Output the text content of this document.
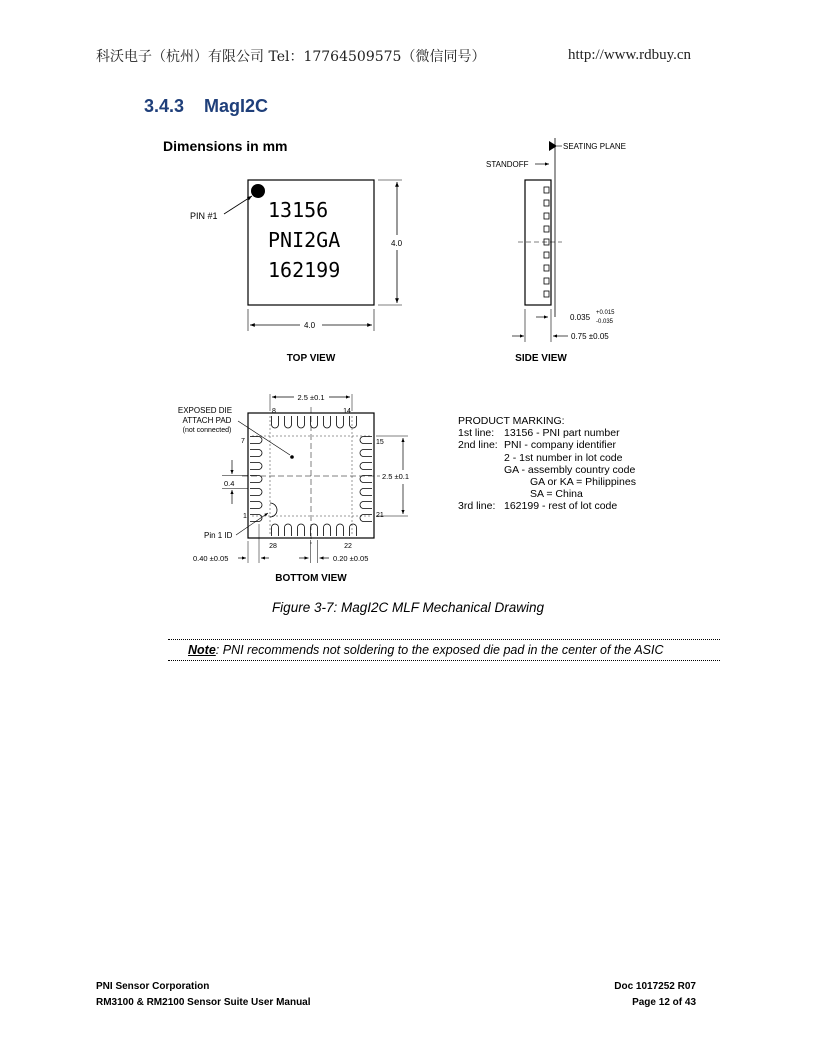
科沃电子（杭州）有限公司 Tel：17764509575（微信同号）	http://www.rdbuy.cn
3.4.3 MagI2C
Dimensions in mm
PIN #1	13156
PNI2GA
162199
4.0
4.0
TOP VIEW
SEATING PLANE
STANDOFF
0.035 +0.015
-0.035
0.75 ±0.05
SIDE VIEW
8	14
7
1
15
21
28	22
EXPOSED DIE
ATTACH PAD
(not connected)
Pin 1 ID
2.5 ±0.1
2.5 ±0.1
0.4
0.40 ±0.05	0.20 ±0.05
BOTTOM VIEW
PRODUCT MARKING:
1st line: 13156 - PNI part number
2nd line: PNI - company identifier
2 - 1st number in lot code
GA - assembly country code
GA or KA = Philippines
SA = China
3rd line: 162199 - rest of lot code
Figure 3-7: MagI2C MLF Mechanical Drawing
Note: PNI recommends not soldering to the exposed die pad in the center of the ASIC
PNI Sensor Corporation
RM3100 & RM2100 Sensor Suite User Manual
Doc 1017252 R07
Page 12 of 43
